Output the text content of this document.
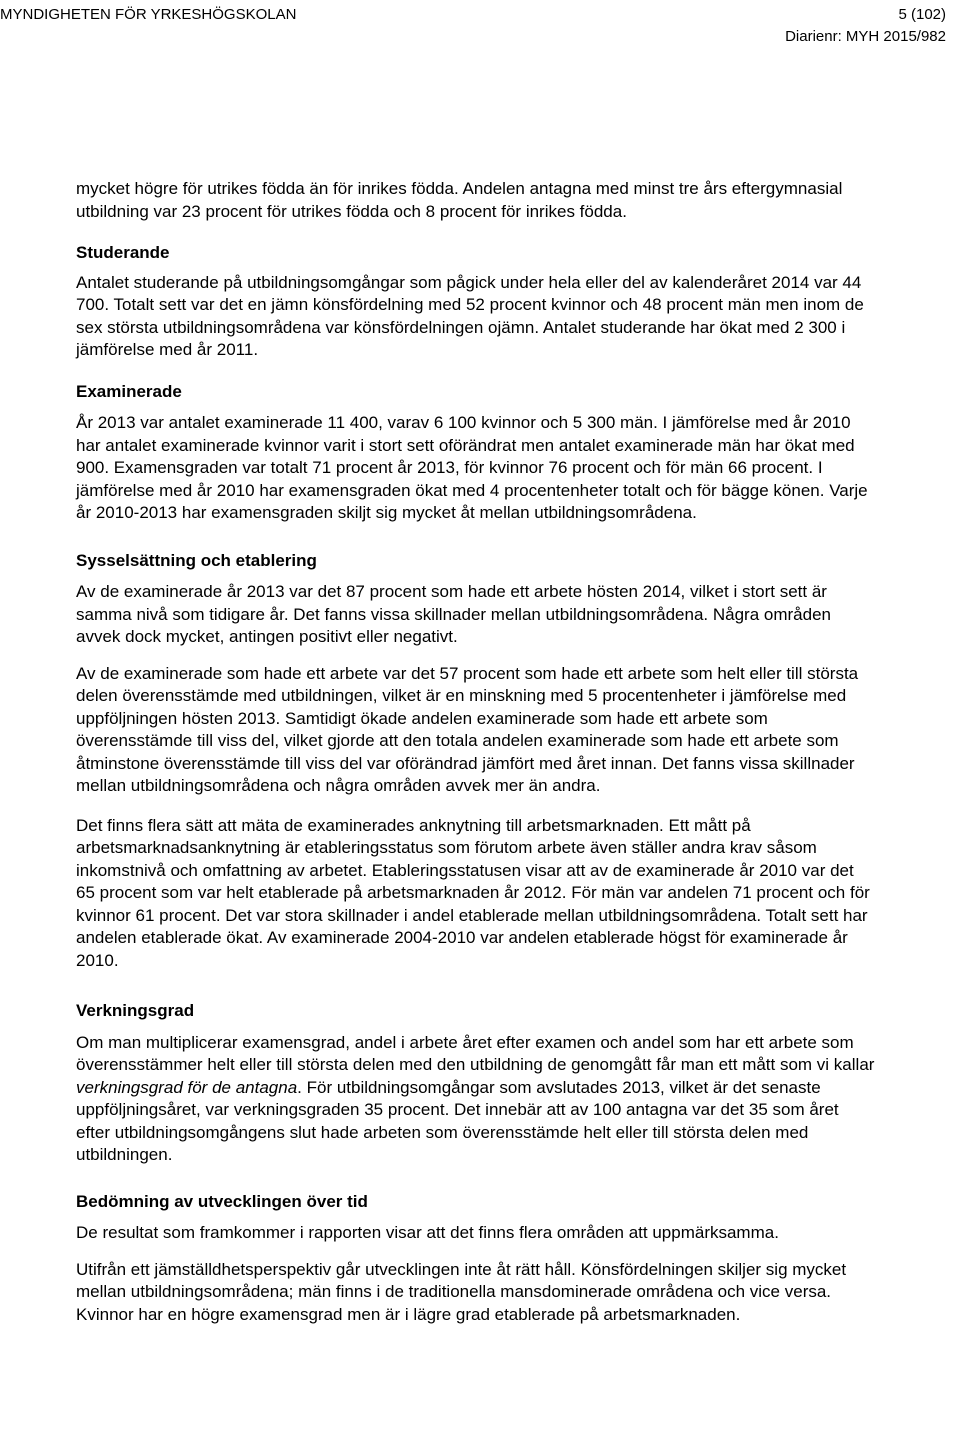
MYNDIGHETEN FÖR YRKESHÖGSKOLAN	5 (102)
Diarienr: MYH 2015/982

mycket högre för utrikes födda än för inrikes födda. Andelen antagna med minst tre års eftergymnasial utbildning var 23 procent för utrikes födda och 8 procent för inrikes födda.

Studerande

Antalet studerande på utbildningsomgångar som pågick under hela eller del av kalenderåret 2014 var 44 700. Totalt sett var det en jämn könsfördelning med 52 procent kvinnor och 48 procent män men inom de sex största utbildningsområdena var könsfördelningen ojämn. Antalet studerande har ökat med 2 300 i jämförelse med år 2011.

Examinerade

År 2013 var antalet examinerade 11 400, varav 6 100 kvinnor och 5 300 män. I jämförelse med år 2010 har antalet examinerade kvinnor varit i stort sett oförändrat men antalet examinerade män har ökat med 900. Examensgraden var totalt 71 procent år 2013, för kvinnor 76 procent och för män 66 procent. I jämförelse med år 2010 har examensgraden ökat med 4 procentenheter totalt och för bägge könen. Varje år 2010-2013 har examensgraden skiljt sig mycket åt mellan utbildningsområdena.

Sysselsättning och etablering

Av de examinerade år 2013 var det 87 procent som hade ett arbete hösten 2014, vilket i stort sett är samma nivå som tidigare år. Det fanns vissa skillnader mellan utbildningsområdena. Några områden avvek dock mycket, antingen positivt eller negativt.

Av de examinerade som hade ett arbete var det 57 procent som hade ett arbete som helt eller till största delen överensstämde med utbildningen, vilket är en minskning med 5 procentenheter i jämförelse med uppföljningen hösten 2013. Samtidigt ökade andelen examinerade som hade ett arbete som överensstämde till viss del, vilket gjorde att den totala andelen examinerade som hade ett arbete som åtminstone överensstämde till viss del var oförändrad jämfört med året innan. Det fanns vissa skillnader mellan utbildningsområdena och några områden avvek mer än andra.

Det finns flera sätt att mäta de examinerades anknytning till arbetsmarknaden. Ett mått på arbetsmarknadsanknytning är etableringsstatus som förutom arbete även ställer andra krav såsom inkomstnivå och omfattning av arbetet. Etableringsstatusen visar att av de examinerade år 2010 var det 65 procent som var helt etablerade på arbetsmarknaden år 2012. För män var andelen 71 procent och för kvinnor 61 procent. Det var stora skillnader i andel etablerade mellan utbildningsområdena. Totalt sett har andelen etablerade ökat. Av examinerade 2004-2010 var andelen etablerade högst för examinerade år 2010.

Verkningsgrad

Om man multiplicerar examensgrad, andel i arbete året efter examen och andel som har ett arbete som överensstämmer helt eller till största delen med den utbildning de genomgått får man ett mått som vi kallar verkningsgrad för de antagna. För utbildningsomgångar som avslutades 2013, vilket är det senaste uppföljningsåret, var verkningsgraden 35 procent. Det innebär att av 100 antagna var det 35 som året efter utbildningsomgångens slut hade arbeten som överensstämde helt eller till största delen med utbildningen.

Bedömning av utvecklingen över tid

De resultat som framkommer i rapporten visar att det finns flera områden att uppmärksamma.

Utifrån ett jämställdhetsperspektiv går utvecklingen inte åt rätt håll. Könsfördelningen skiljer sig mycket mellan utbildningsområdena; män finns i de traditionella mansdominerade områdena och vice versa. Kvinnor har en högre examensgrad men är i lägre grad etablerade på arbetsmarknaden.
